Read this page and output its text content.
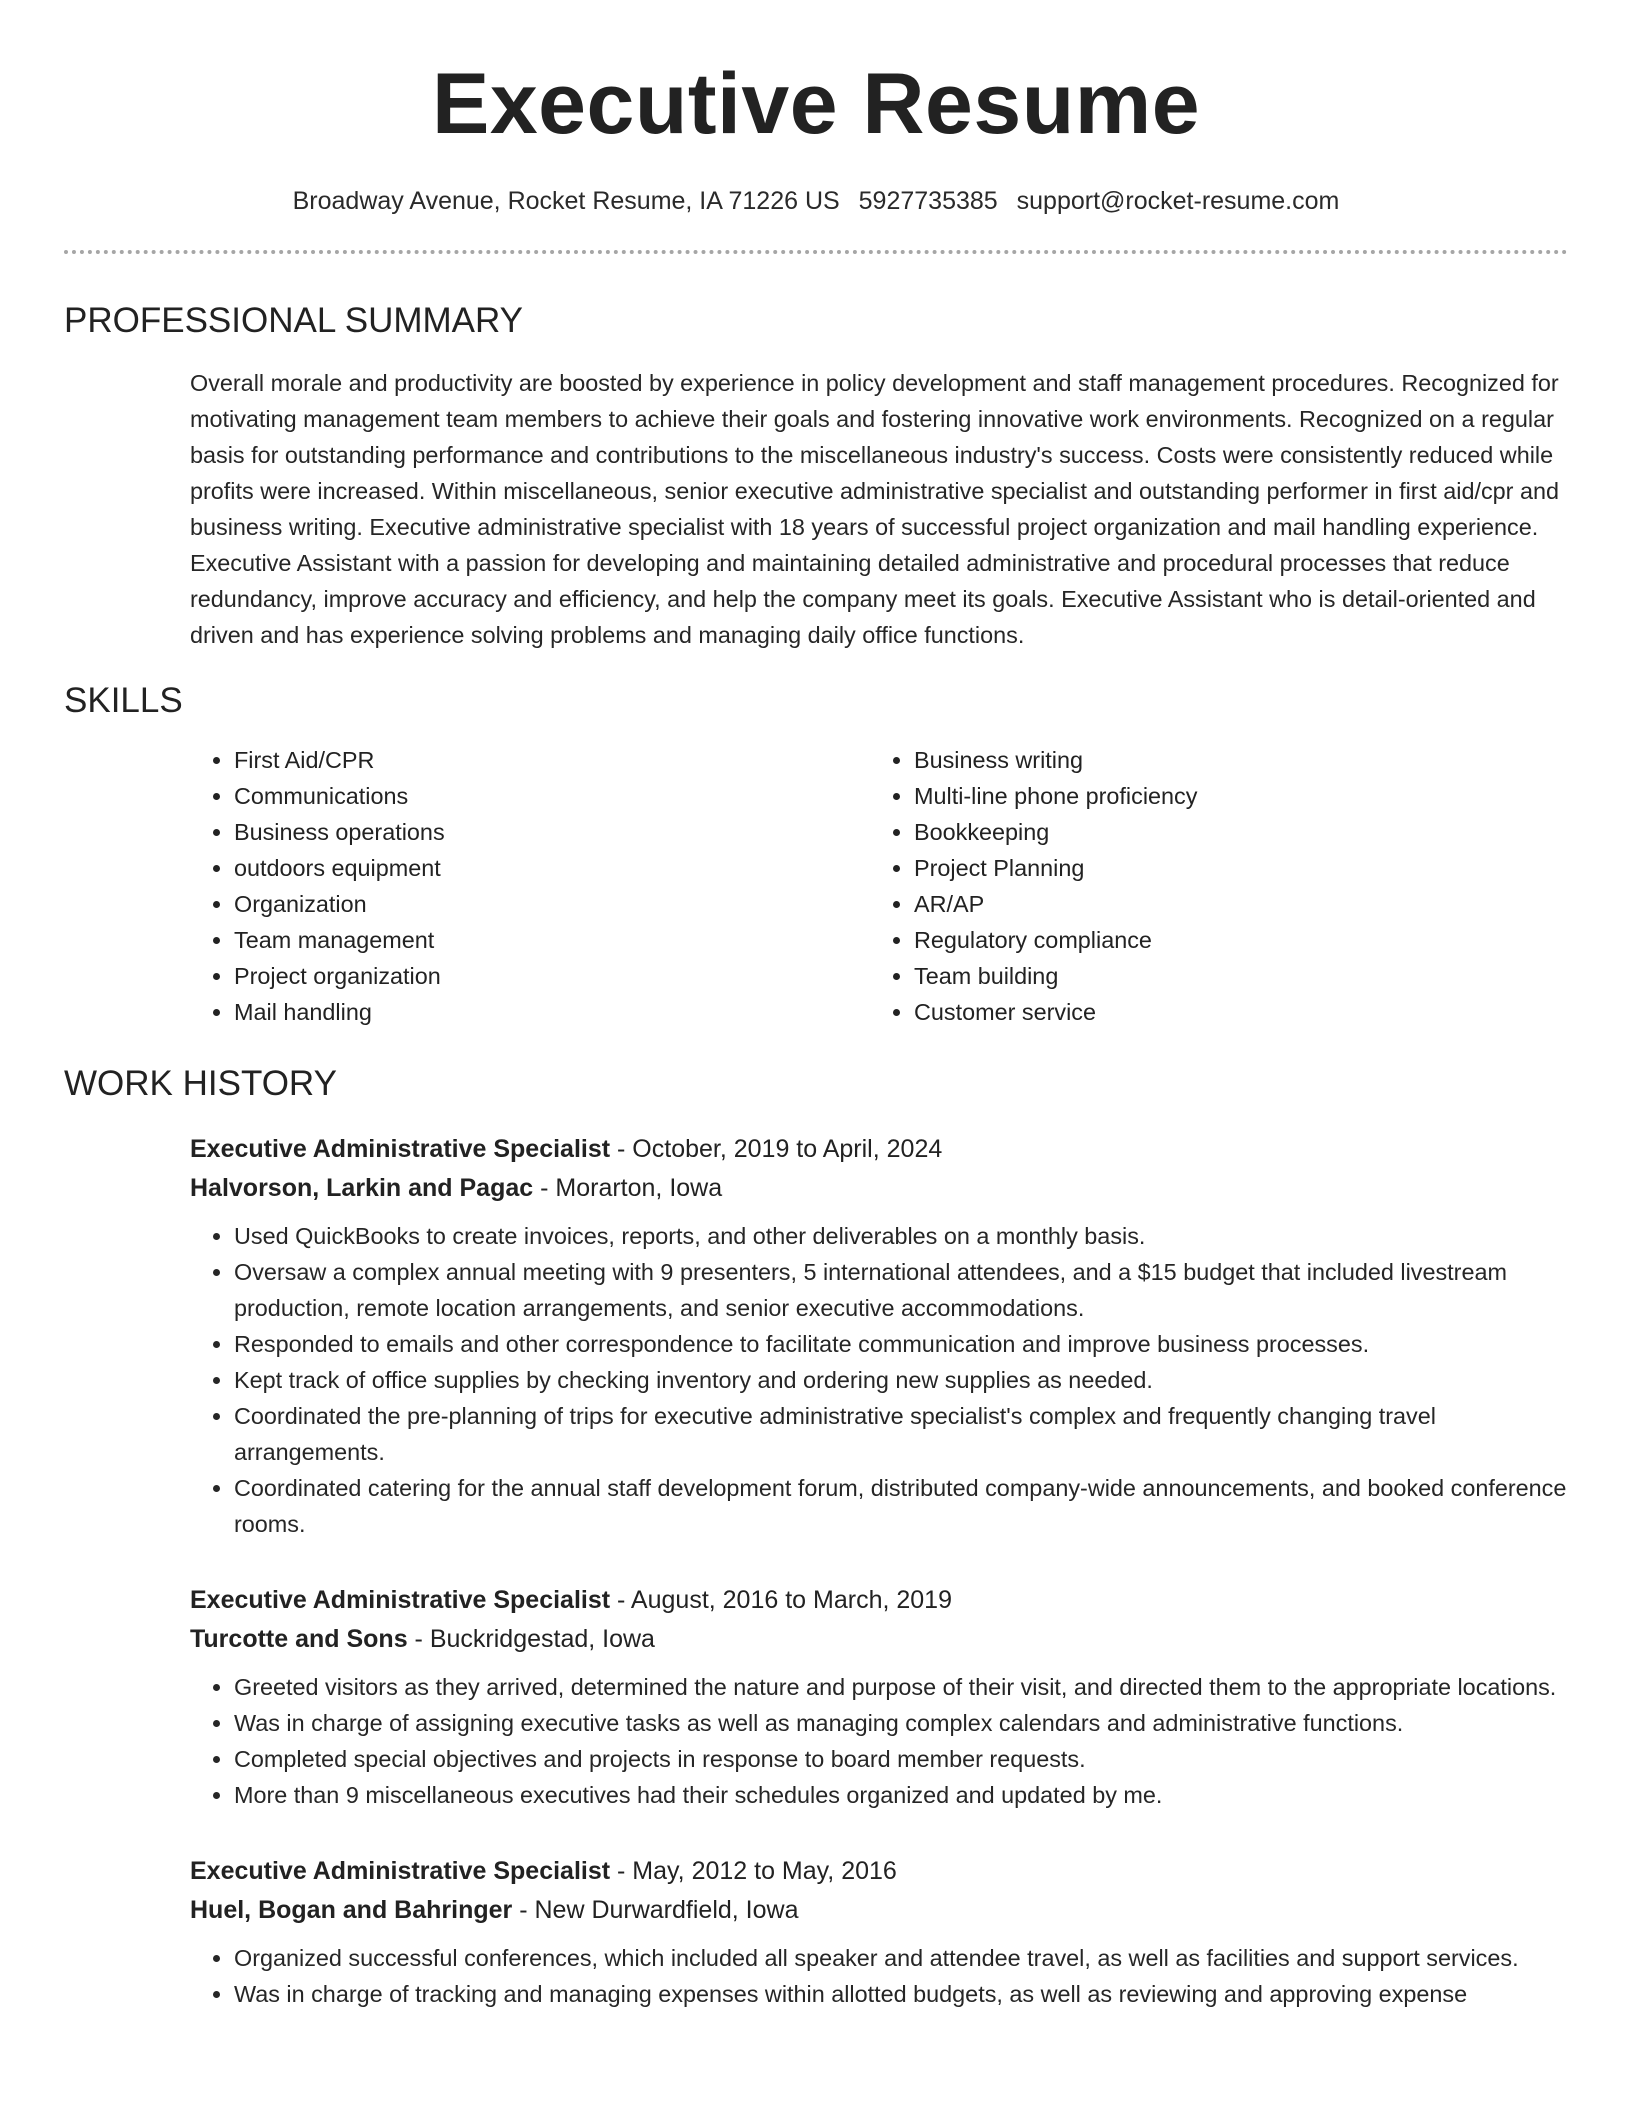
Executive Resume
Broadway Avenue, Rocket Resume, IA 71226 US 5927735385 support@rocket-resume.com
PROFESSIONAL SUMMARY

Overall morale and productivity are boosted by experience in policy development and staff management procedures. Recognized for motivating management team members to achieve their goals and fostering innovative work environments. Recognized on a regular basis for outstanding performance and contributions to the miscellaneous industry's success. Costs were consistently reduced while profits were increased. Within miscellaneous, senior executive administrative specialist and outstanding performer in first aid/cpr and business writing. Executive administrative specialist with 18 years of successful project organization and mail handling experience. Executive Assistant with a passion for developing and maintaining detailed administrative and procedural processes that reduce redundancy, improve accuracy and efficiency, and help the company meet its goals. Executive Assistant who is detail-oriented and driven and has experience solving problems and managing daily office functions.

SKILLS
• First Aid/CPR
• Communications
• Business operations
• outdoors equipment
• Organization
• Team management
• Project organization
• Mail handling
• Business writing
• Multi-line phone proficiency
• Bookkeeping
• Project Planning
• AR/AP
• Regulatory compliance
• Team building
• Customer service
WORK HISTORY
Executive Administrative Specialist - October, 2019 to April, 2024
Halvorson, Larkin and Pagac - Morarton, Iowa
• Used QuickBooks to create invoices, reports, and other deliverables on a monthly basis.
• Oversaw a complex annual meeting with 9 presenters, 5 international attendees, and a $15 budget that included livestream production, remote location arrangements, and senior executive accommodations.
• Responded to emails and other correspondence to facilitate communication and improve business processes.
• Kept track of office supplies by checking inventory and ordering new supplies as needed.
• Coordinated the pre-planning of trips for executive administrative specialist's complex and frequently changing travel arrangements.
• Coordinated catering for the annual staff development forum, distributed company-wide announcements, and booked conference rooms.
Executive Administrative Specialist - August, 2016 to March, 2019
Turcotte and Sons - Buckridgestad, Iowa
• Greeted visitors as they arrived, determined the nature and purpose of their visit, and directed them to the appropriate locations.
• Was in charge of assigning executive tasks as well as managing complex calendars and administrative functions.
• Completed special objectives and projects in response to board member requests.
• More than 9 miscellaneous executives had their schedules organized and updated by me.
Executive Administrative Specialist - May, 2012 to May, 2016
Huel, Bogan and Bahringer - New Durwardfield, Iowa
• Organized successful conferences, which included all speaker and attendee travel, as well as facilities and support services.
• Was in charge of tracking and managing expenses within allotted budgets, as well as reviewing and approving expense
